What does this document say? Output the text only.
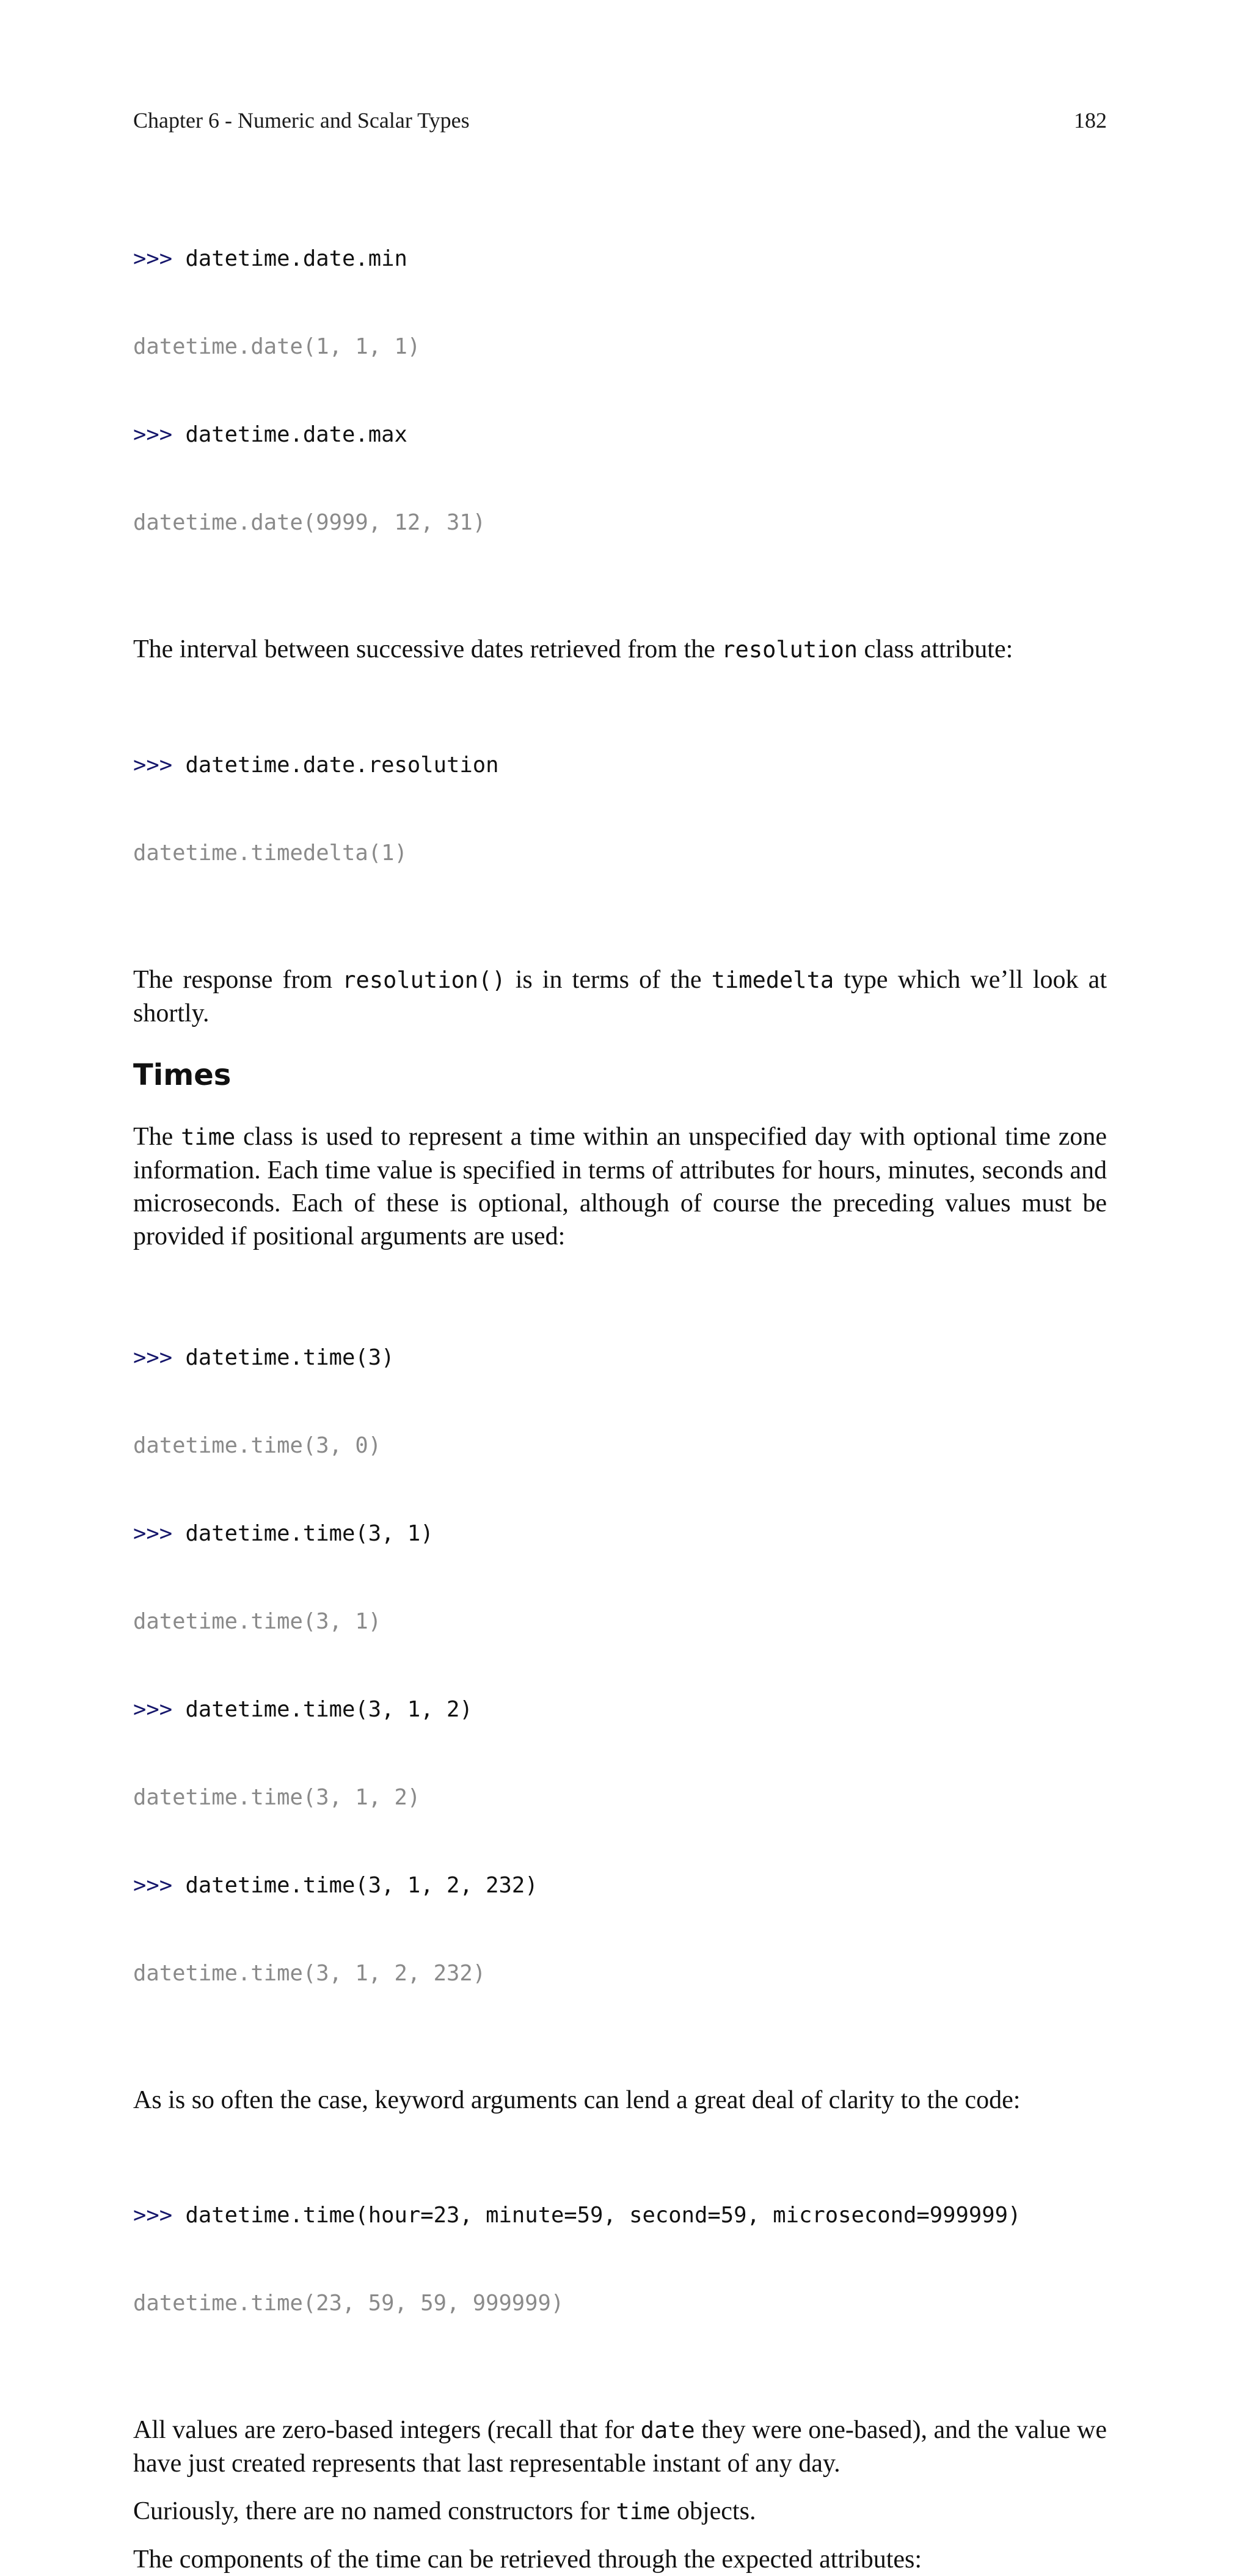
Chapter 6 - Numeric and Scalar Types	182

>>> datetime.date.min

datetime.date(1, 1, 1)

>>> datetime.date.max

datetime.date(9999, 12, 31)

The interval between successive dates retrieved from the resolution class attribute:

>>> datetime.date.resolution

datetime.timedelta(1)

The response from resolution() is in terms of the timedelta type which we’ll look at shortly.

Times

The time class is used to represent a time within an unspecified day with optional time zone information. Each time value is specified in terms of attributes for hours, minutes, seconds and microseconds. Each of these is optional, although of course the preceding values must be provided if positional arguments are used:

>>> datetime.time(3)

datetime.time(3, 0)

>>> datetime.time(3, 1)

datetime.time(3, 1)

>>> datetime.time(3, 1, 2)

datetime.time(3, 1, 2)

>>> datetime.time(3, 1, 2, 232)

datetime.time(3, 1, 2, 232)

As is so often the case, keyword arguments can lend a great deal of clarity to the code:

>>> datetime.time(hour=23, minute=59, second=59, microsecond=999999)

datetime.time(23, 59, 59, 999999)

All values are zero-based integers (recall that for date they were one-based), and the value we have just created represents that last representable instant of any day.

Curiously, there are no named constructors for time objects.

The components of the time can be retrieved through the expected attributes:
